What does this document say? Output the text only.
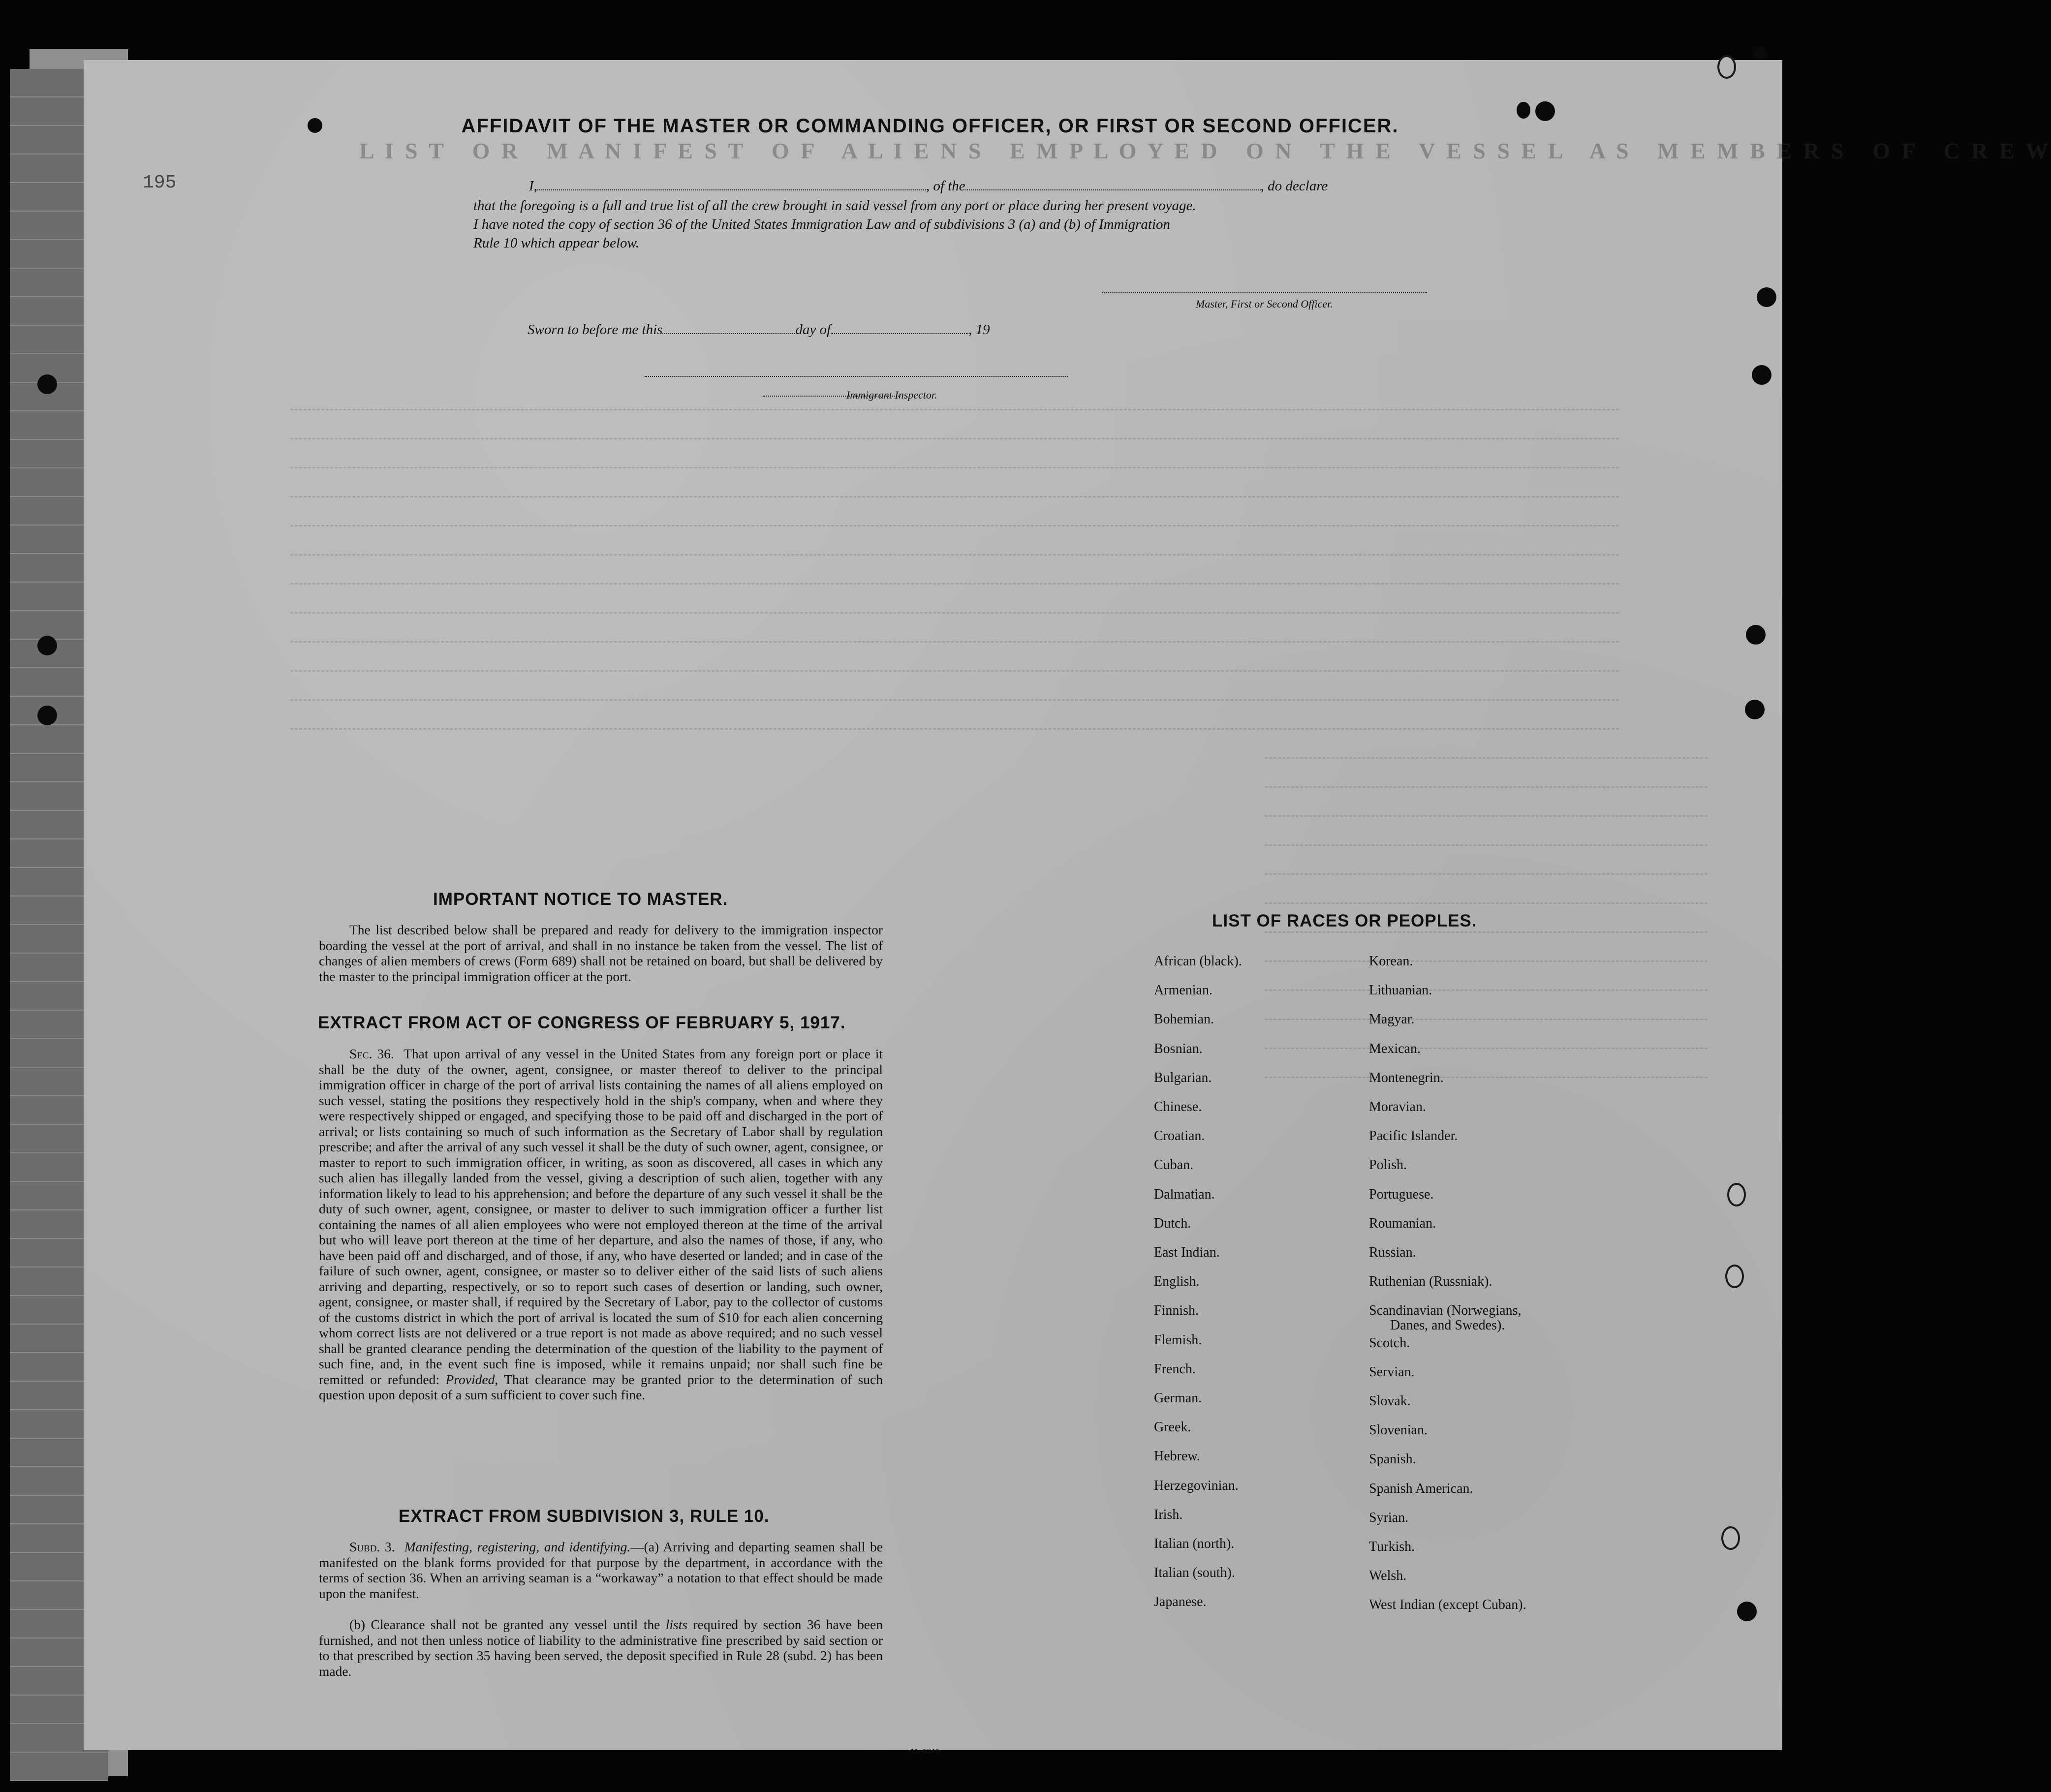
L I S T   O R   M A N I F E S T   O F   A L I E N S   E M P L O Y E D   O N   T H E   V E S S E L   A S   M E M B E R S   O F   C R E W
195
AFFIDAVIT OF THE MASTER OR COMMANDING OFFICER, OR FIRST OR SECOND OFFICER.
I,	, of the	, do declare
that the foregoing is a full and true list of all the crew brought in said vessel from any port or place during her present voyage.
I have noted the copy of section 36 of the United States Immigration Law and of subdivisions 3 (a) and (b) of Immigration
Rule 10 which appear below.
Master, First or Second Officer.
Sworn to before me this	day of	, 19
Immigrant Inspector.
IMPORTANT NOTICE TO MASTER.
The list described below shall be prepared and ready for delivery to the immigration inspector boarding the vessel at the port of arrival, and shall in no instance be taken from the vessel. The list of changes of alien members of crews (Form 689) shall not be retained on board, but shall be delivered by the master to the principal immigration officer at the port.
EXTRACT FROM ACT OF CONGRESS OF FEBRUARY 5, 1917.
Sec. 36. That upon arrival of any vessel in the United States from any foreign port or place it shall be the duty of the owner, agent, consignee, or master thereof to deliver to the principal immigration officer in charge of the port of arrival lists containing the names of all aliens employed on such vessel, stating the positions they respectively hold in the ship's company, when and where they were respectively shipped or engaged, and specifying those to be paid off and discharged in the port of arrival; or lists containing so much of such information as the Secretary of Labor shall by regulation prescribe; and after the arrival of any such vessel it shall be the duty of such owner, agent, consignee, or master to report to such immigration officer, in writing, as soon as discovered, all cases in which any such alien has illegally landed from the vessel, giving a description of such alien, together with any information likely to lead to his apprehension; and before the departure of any such vessel it shall be the duty of such owner, agent, consignee, or master to deliver to such immigration officer a further list containing the names of all alien employees who were not employed thereon at the time of the arrival but who will leave port thereon at the time of her departure, and also the names of those, if any, who have been paid off and discharged, and of those, if any, who have deserted or landed; and in case of the failure of such owner, agent, consignee, or master so to deliver either of the said lists of such aliens arriving and departing, respectively, or so to report such cases of desertion or landing, such owner, agent, consignee, or master shall, if required by the Secretary of Labor, pay to the collector of customs of the customs district in which the port of arrival is located the sum of $10 for each alien concerning whom correct lists are not delivered or a true report is not made as above required; and no such vessel shall be granted clearance pending the determination of the question of the liability to the payment of such fine, and, in the event such fine is imposed, while it remains unpaid; nor shall such fine be remitted or refunded: Provided, That clearance may be granted prior to the determination of such question upon deposit of a sum sufficient to cover such fine.
EXTRACT FROM SUBDIVISION 3, RULE 10.
Subd. 3. Manifesting, registering, and identifying.—(a) Arriving and departing seamen shall be manifested on the blank forms provided for that purpose by the department, in accordance with the terms of section 36. When an arriving seaman is a “workaway” a notation to that effect should be made upon the manifest.
(b) Clearance shall not be granted any vessel until the lists required by section 36 have been furnished, and not then unless notice of liability to the administrative fine prescribed by said section or to that prescribed by section 35 having been served, the deposit specified in Rule 28 (subd. 2) has been made.
11—1240
LIST OF RACES OR PEOPLES.
African (black).
Armenian.
Bohemian.
Bosnian.
Bulgarian.
Chinese.
Croatian.
Cuban.
Dalmatian.
Dutch.
East Indian.
English.
Finnish.
Flemish.
French.
German.
Greek.
Hebrew.
Herzegovinian.
Irish.
Italian (north).
Italian (south).
Japanese.
Korean.
Lithuanian.
Magyar.
Mexican.
Montenegrin.
Moravian.
Pacific Islander.
Polish.
Portuguese.
Roumanian.
Russian.
Ruthenian (Russniak).
Scandinavian (Norwegians,
Danes, and Swedes).
Scotch.
Servian.
Slovak.
Slovenian.
Spanish.
Spanish American.
Syrian.
Turkish.
Welsh.
West Indian (except Cuban).
